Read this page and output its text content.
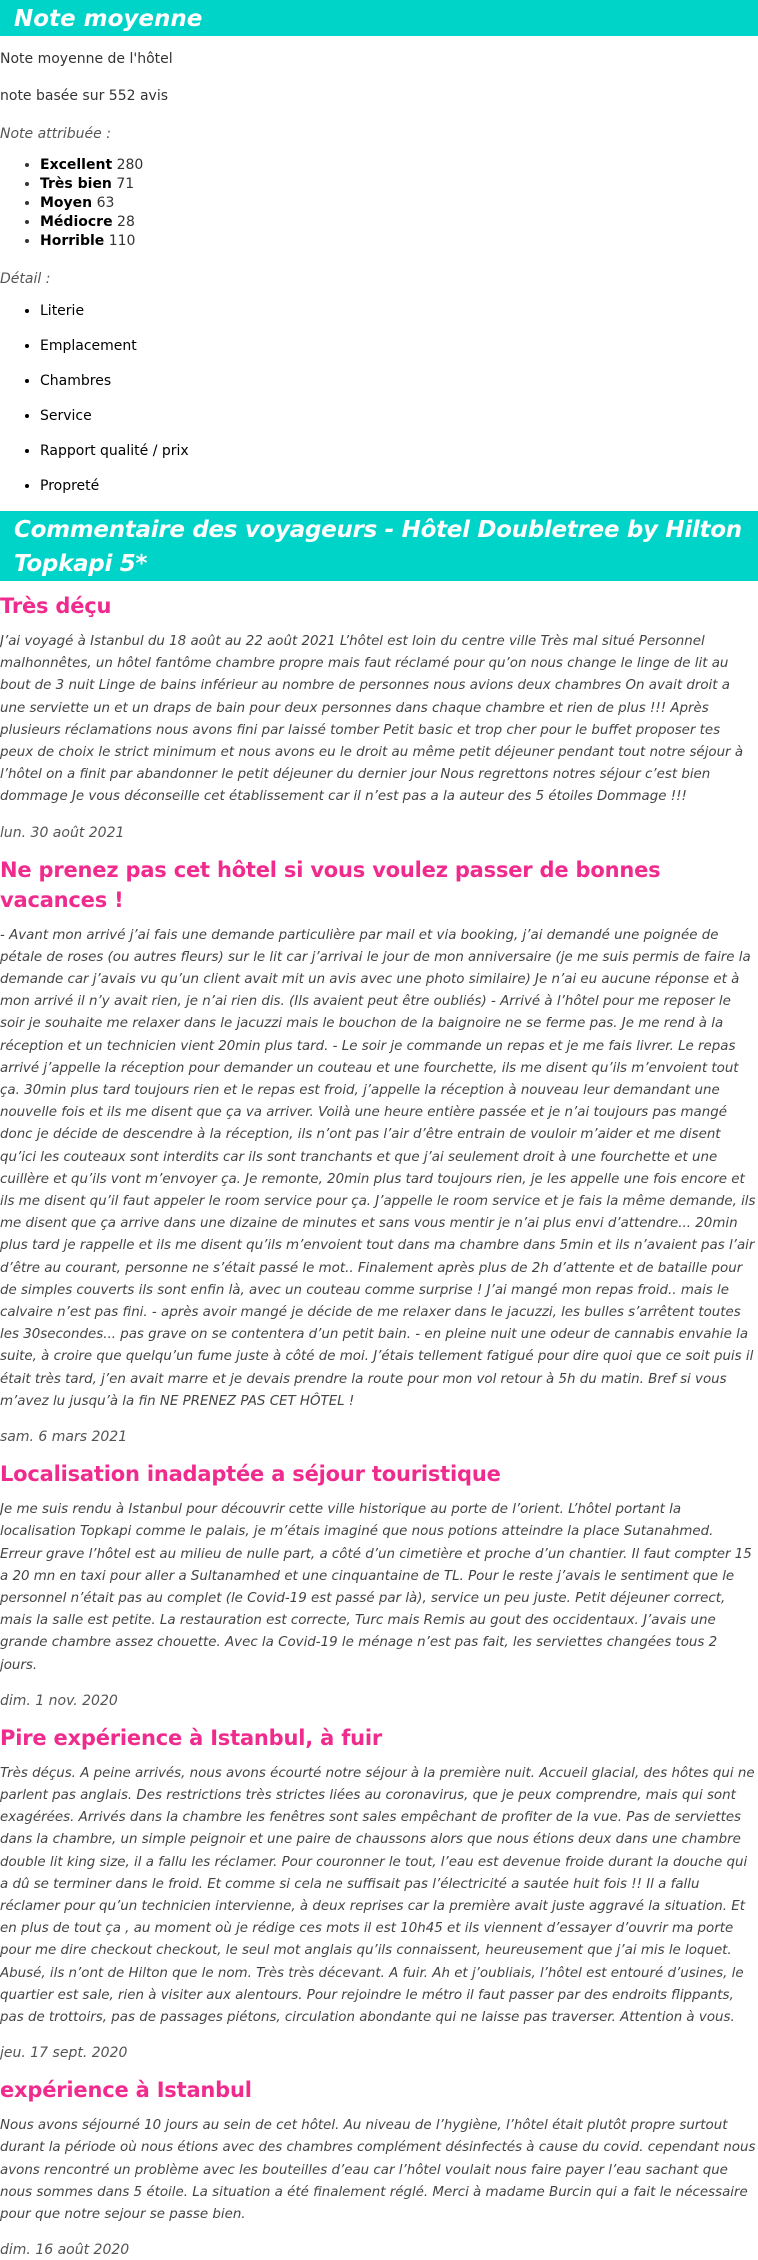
Note moyenne

Note moyenne de l'hôtel

note basée sur 552 avis

Note attribuée :

• Excellent 280
• Très bien 71
• Moyen 63
• Médiocre 28
• Horrible 110

Détail :

• Literie
• Emplacement
• Chambres
• Service
• Rapport qualité / prix
• Propreté
Commentaire des voyageurs - Hôtel Doubletree by Hilton Topkapi 5*
Très déçu

J’ai voyagé à Istanbul du 18 août au 22 août 2021 L’hôtel est loin du centre ville Très mal situé Personnel malhonnêtes, un hôtel fantôme chambre propre mais faut réclamé pour qu’on nous change le linge de lit au bout de 3 nuit Linge de bains inférieur au nombre de personnes nous avions deux chambres On avait droit a une serviette un et un draps de bain pour deux personnes dans chaque chambre et rien de plus !!! Après plusieurs réclamations nous avons fini par laissé tomber Petit basic et trop cher pour le buffet proposer tes peux de choix le strict minimum et nous avons eu le droit au même petit déjeuner pendant tout notre séjour à l’hôtel on a finit par abandonner le petit déjeuner du dernier jour Nous regrettons notres séjour c’est bien dommage Je vous déconseille cet établissement car il n’est pas a la auteur des 5 étoiles Dommage !!!

lun. 30 août 2021

Ne prenez pas cet hôtel si vous voulez passer de bonnes vacances !

- Avant mon arrivé j’ai fais une demande particulière par mail et via booking, j’ai demandé une poignée de pétale de roses (ou autres fleurs) sur le lit car j’arrivai le jour de mon anniversaire (je me suis permis de faire la demande car j’avais vu qu’un client avait mit un avis avec une photo similaire) Je n’ai eu aucune réponse et à mon arrivé il n’y avait rien, je n’ai rien dis. (Ils avaient peut être oubliés) - Arrivé à l’hôtel pour me reposer le soir je souhaite me relaxer dans le jacuzzi mais le bouchon de la baignoire ne se ferme pas. Je me rend à la réception et un technicien vient 20min plus tard. - Le soir je commande un repas et je me fais livrer. Le repas arrivé j’appelle la réception pour demander un couteau et une fourchette, ils me disent qu’ils m’envoient tout ça. 30min plus tard toujours rien et le repas est froid, j’appelle la réception à nouveau leur demandant une nouvelle fois et ils me disent que ça va arriver. Voilà une heure entière passée et je n’ai toujours pas mangé donc je décide de descendre à la réception, ils n’ont pas l’air d’être entrain de vouloir m’aider et me disent qu’ici les couteaux sont interdits car ils sont tranchants et que j’ai seulement droit à une fourchette et une cuillère et qu’ils vont m’envoyer ça. Je remonte, 20min plus tard toujours rien, je les appelle une fois encore et ils me disent qu’il faut appeler le room service pour ça. J’appelle le room service et je fais la même demande, ils me disent que ça arrive dans une dizaine de minutes et sans vous mentir je n’ai plus envi d’attendre... 20min plus tard je rappelle et ils me disent qu’ils m’envoient tout dans ma chambre dans 5min et ils n’avaient pas l’air d’être au courant, personne ne s’était passé le mot.. Finalement après plus de 2h d’attente et de bataille pour de simples couverts ils sont enfin là, avec un couteau comme surprise ! J’ai mangé mon repas froid.. mais le calvaire n’est pas fini. - après avoir mangé je décide de me relaxer dans le jacuzzi, les bulles s’arrêtent toutes les 30secondes... pas grave on se contentera d’un petit bain. - en pleine nuit une odeur de cannabis envahie la suite, à croire que quelqu’un fume juste à côté de moi. J’étais tellement fatigué pour dire quoi que ce soit puis il était très tard, j’en avait marre et je devais prendre la route pour mon vol retour à 5h du matin. Bref si vous m’avez lu jusqu’à la fin NE PRENEZ PAS CET HÔTEL !

sam. 6 mars 2021

Localisation inadaptée a séjour touristique

Je me suis rendu à Istanbul pour découvrir cette ville historique au porte de l’orient. L’hôtel portant la localisation Topkapi comme le palais, je m’étais imaginé que nous potions atteindre la place Sutanahmed. Erreur grave l’hôtel est au milieu de nulle part, a côté d’un cimetière et proche d’un chantier. Il faut compter 15 a 20 mn en taxi pour aller a Sultanamhed et une cinquantaine de TL. Pour le reste j’avais le sentiment que le personnel n’était pas au complet (le Covid-19 est passé par là), service un peu juste. Petit déjeuner correct, mais la salle est petite. La restauration est correcte, Turc mais Remis au gout des occidentaux. J’avais une grande chambre assez chouette. Avec la Covid-19 le ménage n’est pas fait, les serviettes changées tous 2 jours.

dim. 1 nov. 2020

Pire expérience à Istanbul, à fuir

Très déçus. A peine arrivés, nous avons écourté notre séjour à la première nuit. Accueil glacial, des hôtes qui ne parlent pas anglais. Des restrictions très strictes liées au coronavirus, que je peux comprendre, mais qui sont exagérées. Arrivés dans la chambre les fenêtres sont sales empêchant de profiter de la vue. Pas de serviettes dans la chambre, un simple peignoir et une paire de chaussons alors que nous étions deux dans une chambre double lit king size, il a fallu les réclamer. Pour couronner le tout, l’eau est devenue froide durant la douche qui a dû se terminer dans le froid. Et comme si cela ne suffisait pas l’électricité a sautée huit fois !! Il a fallu réclamer pour qu’un technicien intervienne, à deux reprises car la première avait juste aggravé la situation. Et en plus de tout ça , au moment où je rédige ces mots il est 10h45 et ils viennent d’essayer d’ouvrir ma porte pour me dire checkout checkout, le seul mot anglais qu’ils connaissent, heureusement que j’ai mis le loquet. Abusé, ils n’ont de Hilton que le nom. Très très décevant. A fuir. Ah et j’oubliais, l’hôtel est entouré d’usines, le quartier est sale, rien à visiter aux alentours. Pour rejoindre le métro il faut passer par des endroits flippants, pas de trottoirs, pas de passages piétons, circulation abondante qui ne laisse pas traverser. Attention à vous.

jeu. 17 sept. 2020

expérience à Istanbul

Nous avons séjourné 10 jours au sein de cet hôtel. Au niveau de l’hygiène, l’hôtel était plutôt propre surtout durant la période où nous étions avec des chambres complément désinfectés à cause du covid. cependant nous avons rencontré un problème avec les bouteilles d’eau car l’hôtel voulait nous faire payer l’eau sachant que nous sommes dans 5 étoile. La situation a été finalement réglé. Merci à madame Burcin qui a fait le nécessaire pour que notre sejour se passe bien.

dim. 16 août 2020
